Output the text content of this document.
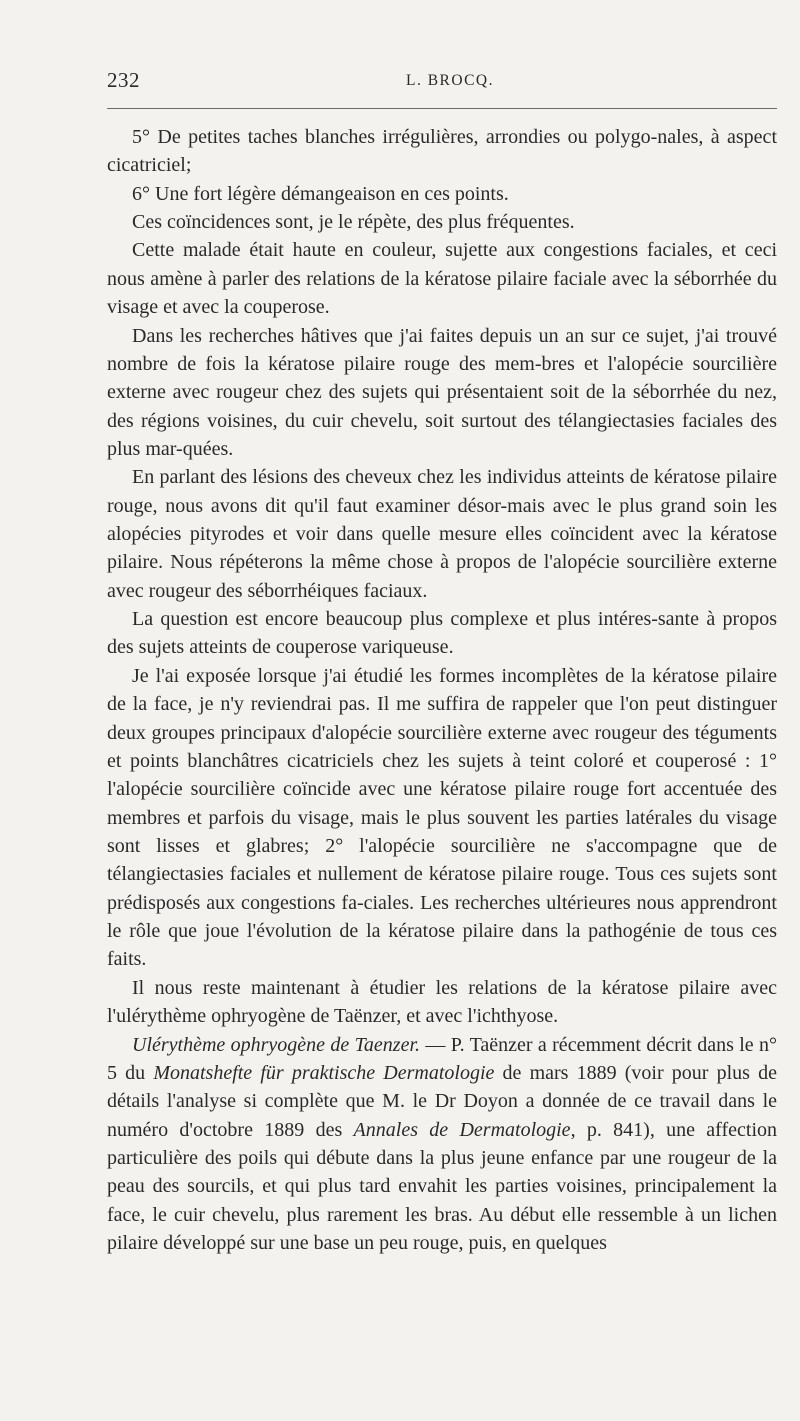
232	L. BROCQ.

5° De petites taches blanches irrégulières, arrondies ou polygo-nales, à aspect cicatriciel;

6° Une fort légère démangeaison en ces points.

Ces coïncidences sont, je le répète, des plus fréquentes.

Cette malade était haute en couleur, sujette aux congestions faciales, et ceci nous amène à parler des relations de la kératose pilaire faciale avec la séborrhée du visage et avec la couperose.

Dans les recherches hâtives que j'ai faites depuis un an sur ce sujet, j'ai trouvé nombre de fois la kératose pilaire rouge des mem-bres et l'alopécie sourcilière externe avec rougeur chez des sujets qui présentaient soit de la séborrhée du nez, des régions voisines, du cuir chevelu, soit surtout des télangiectasies faciales des plus mar-quées.

En parlant des lésions des cheveux chez les individus atteints de kératose pilaire rouge, nous avons dit qu'il faut examiner désor-mais avec le plus grand soin les alopécies pityrodes et voir dans quelle mesure elles coïncident avec la kératose pilaire. Nous répéterons la même chose à propos de l'alopécie sourcilière externe avec rougeur des séborrhéiques faciaux.

La question est encore beaucoup plus complexe et plus intéres-sante à propos des sujets atteints de couperose variqueuse.

Je l'ai exposée lorsque j'ai étudié les formes incomplètes de la kératose pilaire de la face, je n'y reviendrai pas. Il me suffira de rappeler que l'on peut distinguer deux groupes principaux d'alopécie sourcilière externe avec rougeur des téguments et points blanchâtres cicatriciels chez les sujets à teint coloré et couperosé : 1° l'alopécie sourcilière coïncide avec une kératose pilaire rouge fort accentuée des membres et parfois du visage, mais le plus souvent les parties latérales du visage sont lisses et glabres; 2° l'alopécie sourcilière ne s'accompagne que de télangiectasies faciales et nullement de kératose pilaire rouge. Tous ces sujets sont prédisposés aux congestions fa-ciales. Les recherches ultérieures nous apprendront le rôle que joue l'évolution de la kératose pilaire dans la pathogénie de tous ces faits.

Il nous reste maintenant à étudier les relations de la kératose pilaire avec l'ulérythème ophryogène de Taënzer, et avec l'ichthyose.

Ulérythème ophryogène de Taenzer. — P. Taënzer a récemment décrit dans le n° 5 du Monatshefte für praktische Dermatologie de mars 1889 (voir pour plus de détails l'analyse si complète que M. le Dr Doyon a donnée de ce travail dans le numéro d'octobre 1889 des Annales de Dermatologie, p. 841), une affection particulière des poils qui débute dans la plus jeune enfance par une rougeur de la peau des sourcils, et qui plus tard envahit les parties voisines, principalement la face, le cuir chevelu, plus rarement les bras. Au début elle ressemble à un lichen pilaire développé sur une base un peu rouge, puis, en quelques
